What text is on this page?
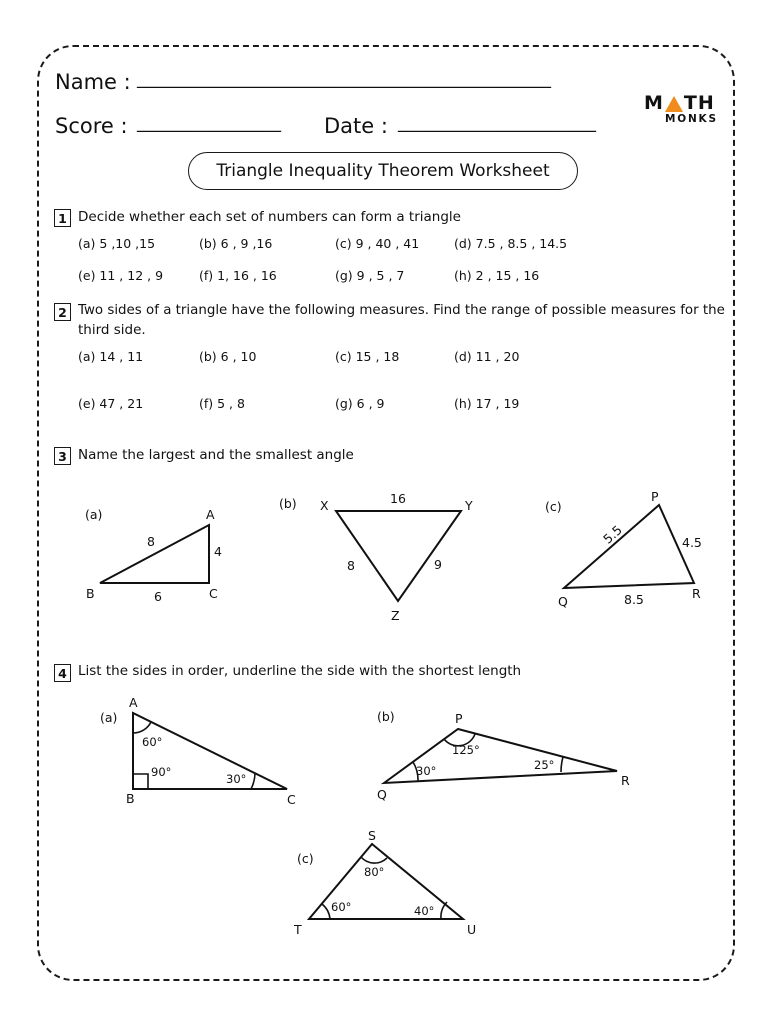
Name : ______________________________________________
Score : ________________ Date : ______________________
M TH
MONKS
Triangle Inequality Theorem Worksheet
1 Decide whether each set of numbers can form a triangle
(a) 5 ,10 ,15	(b) 6 , 9 ,16	(c) 9 , 40 , 41	(d) 7.5 , 8.5 , 14.5
(e) 11 , 12 , 9	(f) 1, 16 , 16	(g) 9 , 5 , 7	(h) 2 , 15 , 16
2 Two sides of a triangle have the following measures. Find the range of possible measures for the
third side.
(a) 14 , 11	(b) 6 , 10	(c) 15 , 18	(d) 11 , 20
(e) 47 , 21	(f) 5 , 8	(g) 6 , 9	(h) 17 , 19
3 Name the largest and the smallest angle
4 List the sides in order, underline the side with the shortest length
(a)	A
B	C
8
4
6
(b) X	Y
Z
16
8	9
(c)
P
Q
R
5.5	4.5
8.5
(a)
A
B	C
60°
90°	30°
(b)	P
Q
R
125°
30°	25°
(c)
S
T	U
80°
60°	40°
